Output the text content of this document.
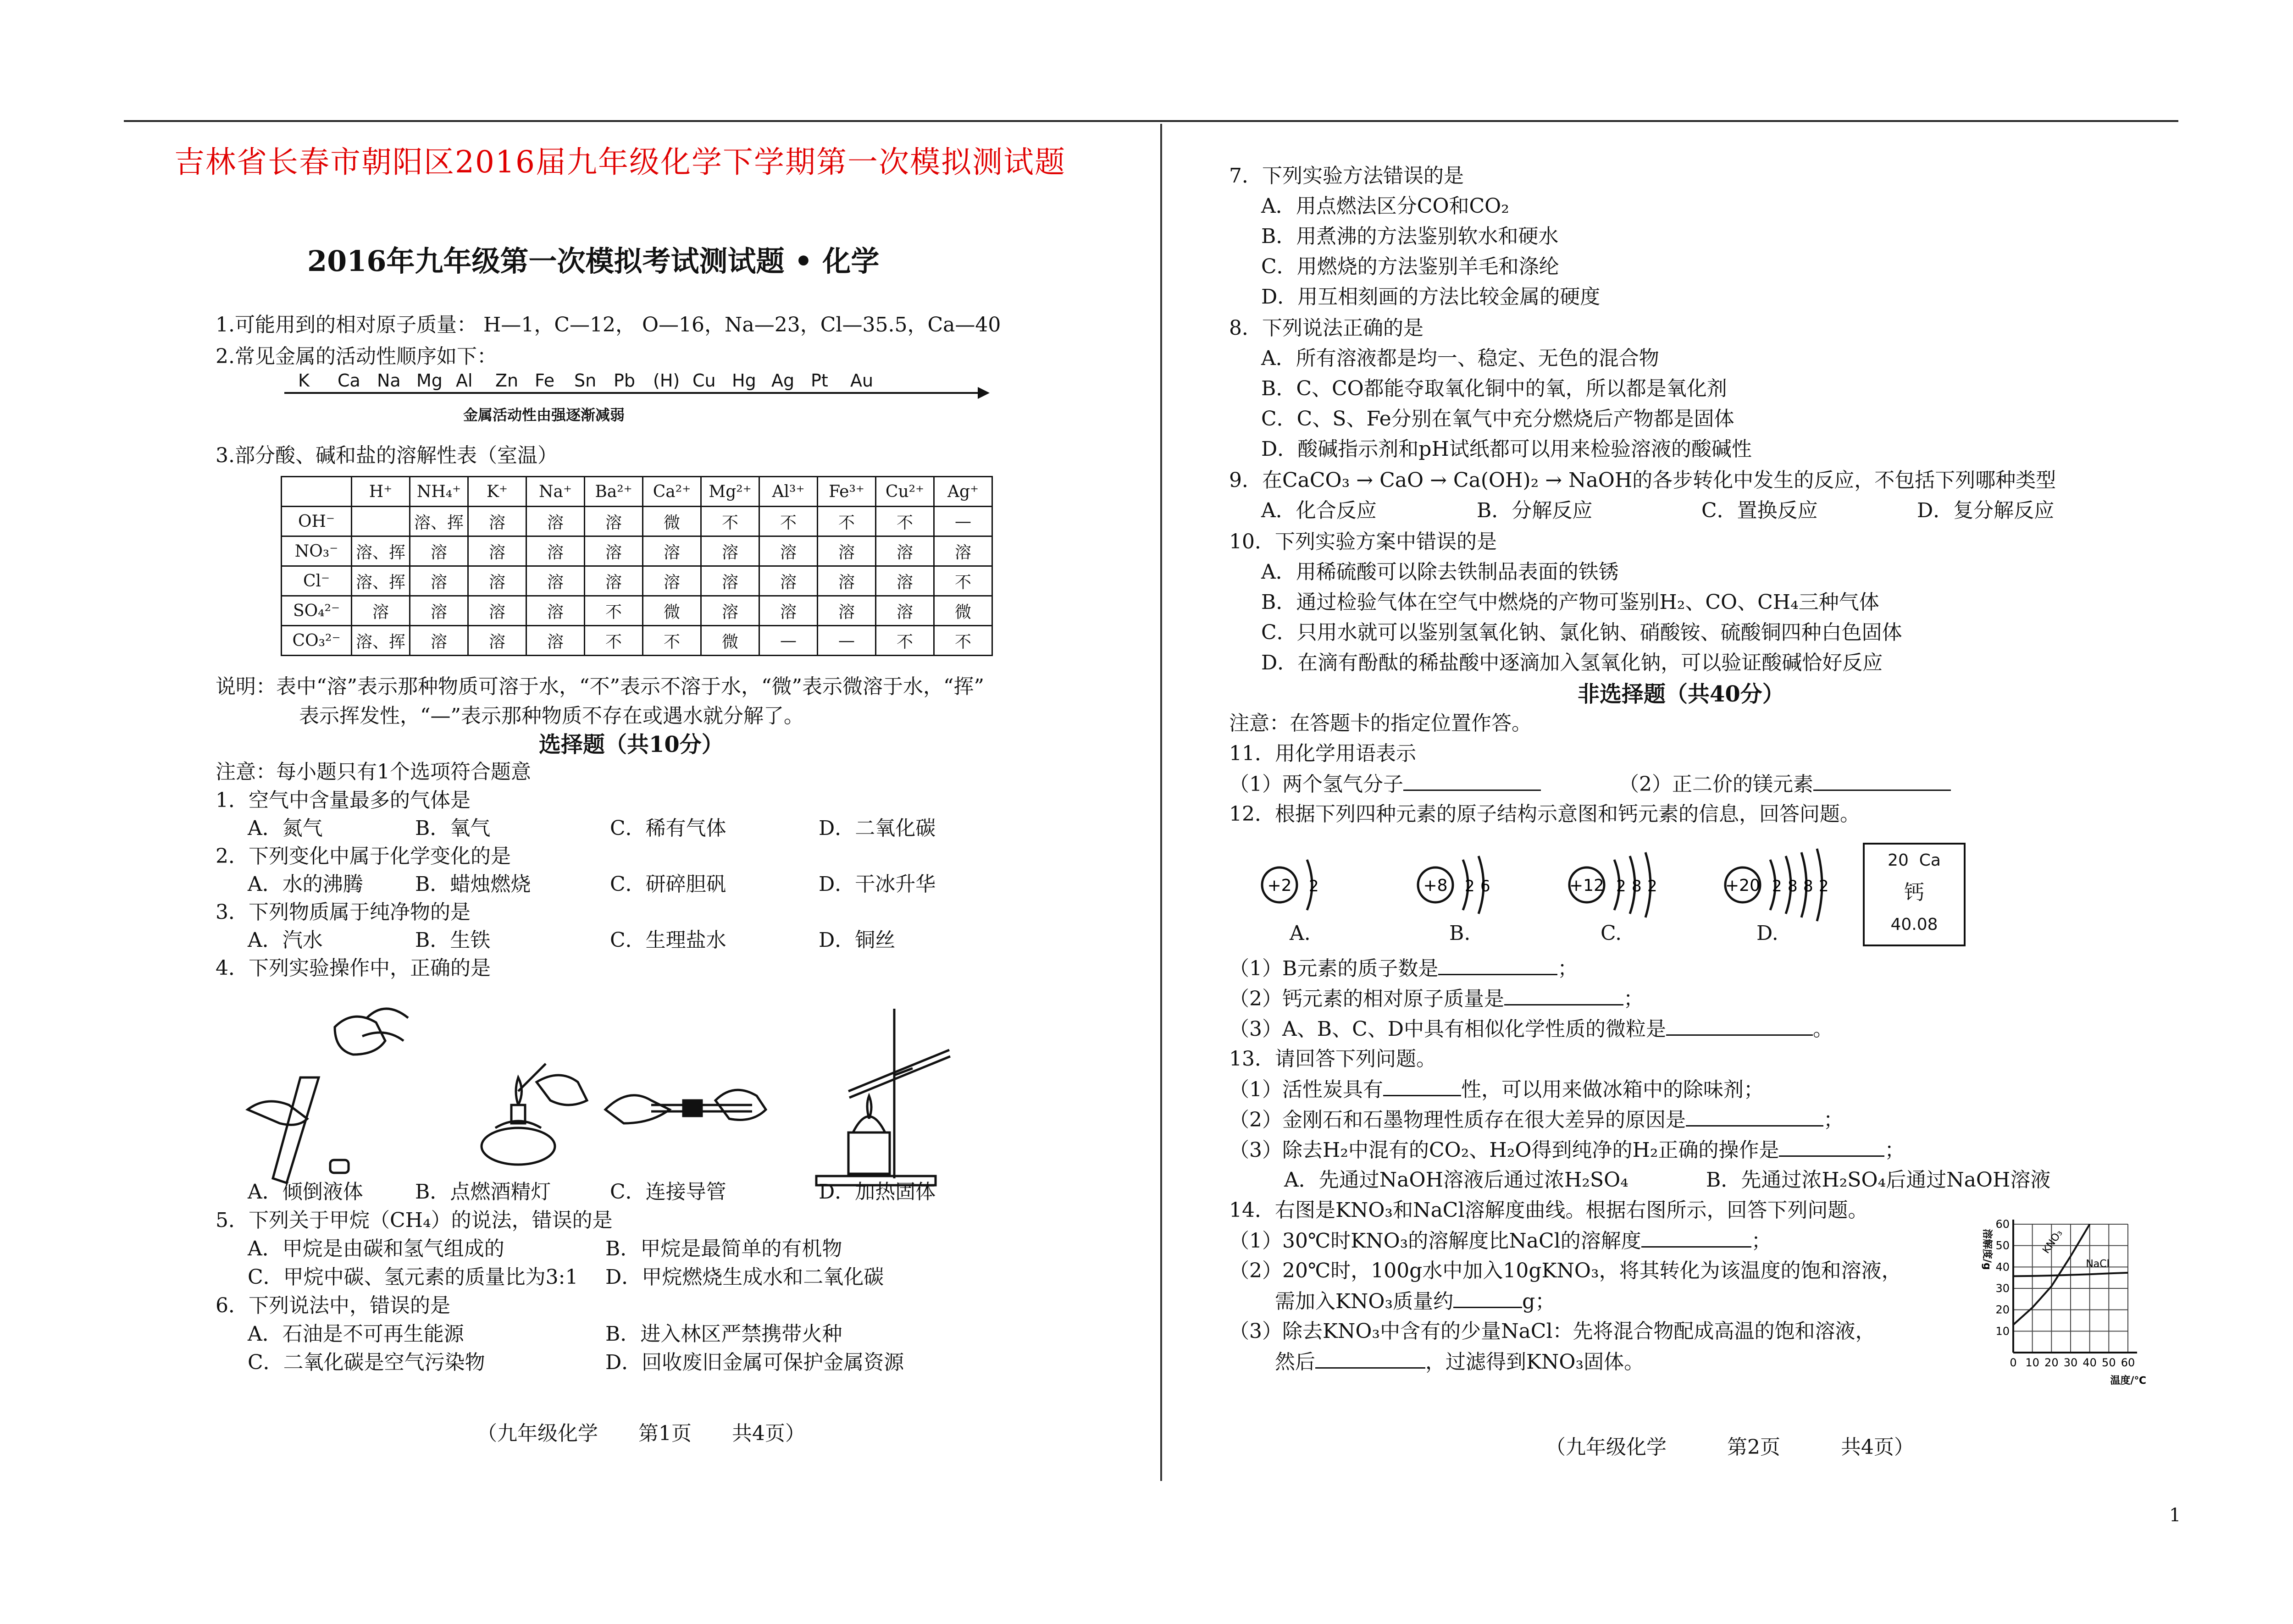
吉林省长春市朝阳区2016届九年级化学下学期第一次模拟测试题
2016年九年级第一次模拟考试测试题 • 化学
1.可能用到的相对原子质量： H—1，C—12， O—16，Na—23，Cl—35.5，Ca—40
2.常见金属的活动性顺序如下：
K Ca Na Mg Al Zn Fe Sn Pb (H) Cu Hg Ag Pt Au
金属活动性由强逐渐减弱
3.部分酸、碱和盐的溶解性表（室温）
	H⁺	NH₄⁺	K⁺	Na⁺	Ba²⁺	Ca²⁺	Mg²⁺	Al³⁺	Fe³⁺	Cu²⁺	Ag⁺
OH⁻		溶、挥	溶	溶	溶	微	不	不	不	不	—
NO₃⁻	溶、挥	溶	溶	溶	溶	溶	溶	溶	溶	溶	溶
Cl⁻	溶、挥	溶	溶	溶	溶	溶	溶	溶	溶	溶	不
SO₄²⁻	溶	溶	溶	溶	不	微	溶	溶	溶	溶	微
CO₃²⁻	溶、挥	溶	溶	溶	不	不	微	—	—	不	不
说明：表中“溶”表示那种物质可溶于水，“不”表示不溶于水，“微”表示微溶于水，“挥”
表示挥发性，“—”表示那种物质不存在或遇水就分解了。
选择题（共10分）
注意：每小题只有1个选项符合题意
1．空气中含量最多的气体是
A．氮气	B．氧气	C．稀有气体	D．二氧化碳
2．下列变化中属于化学变化的是
A．水的沸腾	B．蜡烛燃烧	C．研碎胆矾	D．干冰升华
3．下列物质属于纯净物的是
A．汽水	B．生铁	C．生理盐水	D．铜丝
4．下列实验操作中，正确的是
A．倾倒液体	B．点燃酒精灯	C．连接导管	D．加热固体
5．下列关于甲烷（CH₄）的说法，错误的是
A．甲烷是由碳和氢气组成的	B．甲烷是最简单的有机物
C．甲烷中碳、氢元素的质量比为3:1 D．甲烷燃烧生成水和二氧化碳
6．下列说法中，错误的是
A．石油是不可再生能源	B．进入林区严禁携带火种
C．二氧化碳是空气污染物	D．回收废旧金属可保护金属资源
（九年级化学　　第1页　　共4页）
7．下列实验方法错误的是
A．用点燃法区分CO和CO₂
B．用煮沸的方法鉴别软水和硬水
C．用燃烧的方法鉴别羊毛和涤纶
D．用互相刻画的方法比较金属的硬度
8．下列说法正确的是
A．所有溶液都是均一、稳定、无色的混合物
B．C、CO都能夺取氧化铜中的氧，所以都是氧化剂
C．C、S、Fe分别在氧气中充分燃烧后产物都是固体
D．酸碱指示剂和pH试纸都可以用来检验溶液的酸碱性
9．在CaCO₃ → CaO → Ca(OH)₂ → NaOH的各步转化中发生的反应，不包括下列哪种类型
A．化合反应	B．分解反应	C．置换反应	D．复分解反应
10．下列实验方案中错误的是
A．用稀硫酸可以除去铁制品表面的铁锈
B．通过检验气体在空气中燃烧的产物可鉴别H₂、CO、CH₄三种气体
C．只用水就可以鉴别氢氧化钠、氯化钠、硝酸铵、硫酸铜四种白色固体
D．在滴有酚酞的稀盐酸中逐滴加入氢氧化钠，可以验证酸碱恰好反应
非选择题（共40分）
注意：在答题卡的指定位置作答。
11．用化学用语表示
（1）两个氢气分子	（2）正二价的镁元素
12．根据下列四种元素的原子结构示意图和钙元素的信息，回答问题。
+2 2	+8 2 6	+12 2 8 2	+20 2 8 8 2
A.	B.	C.	D.
20 Ca
钙
40.08
（1）B元素的质子数是	；
（2）钙元素的相对原子质量是	；
（3）A、B、C、D中具有相似化学性质的微粒是	。
13．请回答下列问题。
（1）活性炭具有	性，可以用来做冰箱中的除味剂；
（2）金刚石和石墨物理性质存在很大差异的原因是	；
（3）除去H₂中混有的CO₂、H₂O得到纯净的H₂正确的操作是	；
A．先通过NaOH溶液后通过浓H₂SO₄	B．先通过浓H₂SO₄后通过NaOH溶液
14．右图是KNO₃和NaCl溶解度曲线。根据右图所示，回答下列问题。
（1）30℃时KNO₃的溶解度比NaCl的溶解度	；
（2）20℃时，100g水中加入10gKNO₃，将其转化为该温度的饱和溶液，
需加入KNO₃质量约	g；
（3）除去KNO₃中含有的少量NaCl：先将混合物配成高温的饱和溶液，
然后	，过滤得到KNO₃固体。	0 10 20 30 40 50 60
10
20
30
40
50
60
温度/℃
溶解度/g	KNO₃
NaCl
（九年级化学　　　第2页　　　共4页）
1
